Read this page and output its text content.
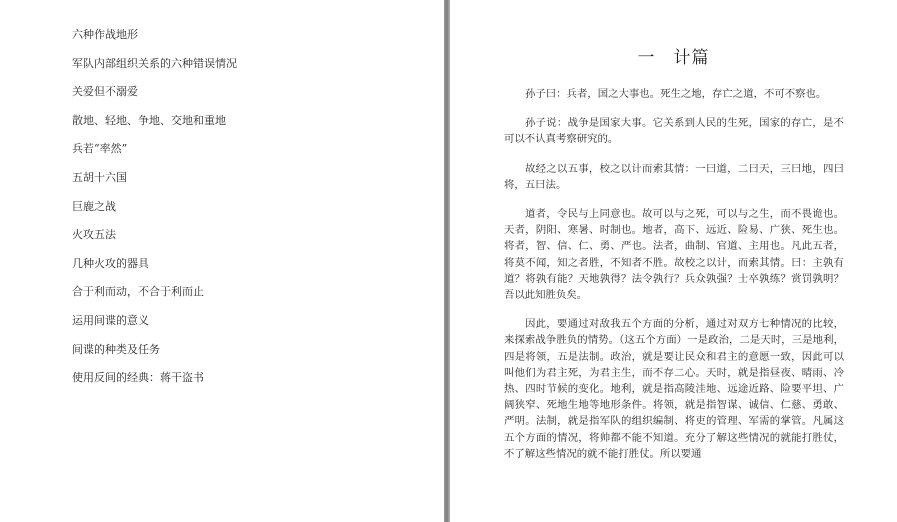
六种作战地形
军队内部组织关系的六种错误情况
关爱但不溺爱
散地、轻地、争地、交地和重地
兵若“率然”
五胡十六国
巨鹿之战
火攻五法
几种火攻的器具
合于利而动，不合于利而止
运用间谍的意义
间谍的种类及任务
使用反间的经典：蒋干盗书
一　计篇

孙子曰：兵者，国之大事也。死生之地，存亡之道，不可不察也。

孙子说：战争是国家大事。它关系到人民的生死，国家的存亡，是不可以不认真考察研究的。

故经之以五事，校之以计而索其情：一曰道，二曰天，三曰地，四曰将，五曰法。

道者，令民与上同意也。故可以与之死，可以与之生，而不畏诡也。天者，阴阳、寒暑、时制也。地者，高下、远近、险易、广狭、死生也。将者，智、信、仁、勇、严也。法者，曲制、官道、主用也。凡此五者，将莫不闻，知之者胜，不知者不胜。故校之以计，而索其情。曰：主孰有道？将孰有能？天地孰得？法令孰行？兵众孰强？士卒孰练？赏罚孰明？吾以此知胜负矣。

因此，要通过对敌我五个方面的分析，通过对双方七种情况的比较，来探索战争胜负的情势。（这五个方面）一是政治，二是天时，三是地利，四是将领，五是法制。政治，就是要让民众和君主的意愿一致，因此可以叫他们为君主死，为君主生，而不存二心。天时，就是指昼夜、晴雨、冷热、四时节候的变化。地利，就是指高陵洼地、远途近路、险要平坦、广阔狭窄、死地生地等地形条件。将领，就是指智谋、诚信、仁慈、勇敢、严明。法制，就是指军队的组织编制、将吏的管理、军需的掌管。凡属这五个方面的情况，将帅都不能不知道。充分了解这些情况的就能打胜仗，不了解这些情况的就不能打胜仗。所以要通
